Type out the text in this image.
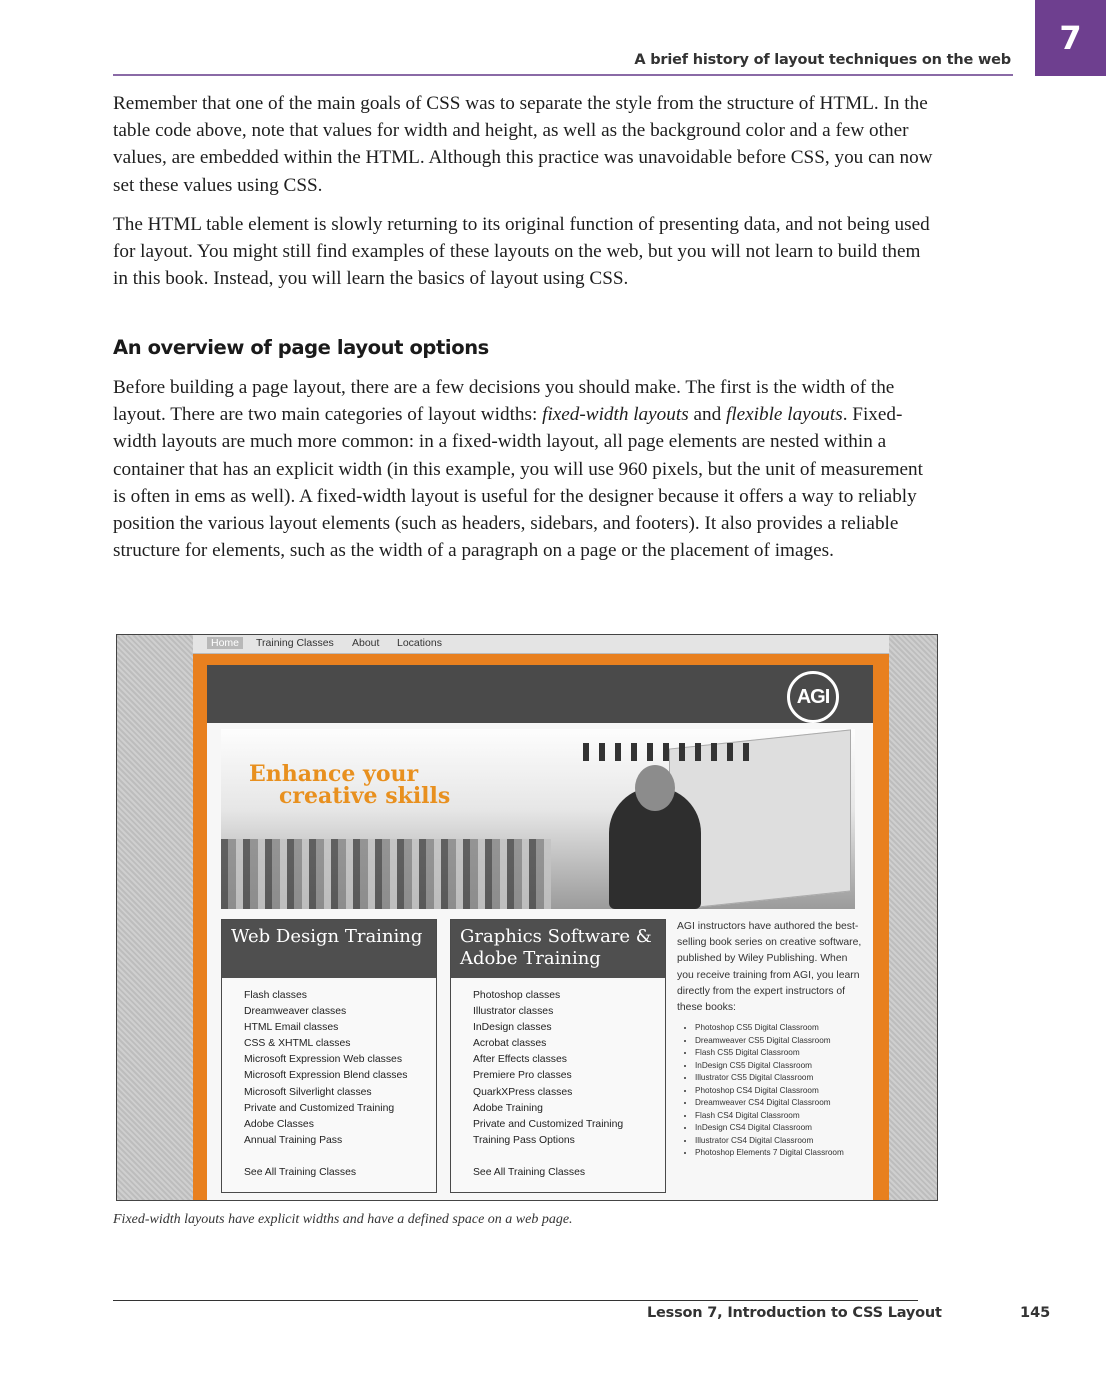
A brief history of layout techniques on the web
7

Remember that one of the main goals of CSS was to separate the style from the structure of HTML. In the table code above, note that values for width and height, as well as the background color and a few other values, are embedded within the HTML. Although this practice was unavoidable before CSS, you can now set these values using CSS.

The HTML table element is slowly returning to its original function of presenting data, and not being used for layout. You might still find examples of these layouts on the web, but you will not learn to build them in this book. Instead, you will learn the basics of layout using CSS.

An overview of page layout options

Before building a page layout, there are a few decisions you should make. The first is the width of the layout. There are two main categories of layout widths: fixed-width layouts and flexible layouts. Fixed-width layouts are much more common: in a fixed-width layout, all page elements are nested within a container that has an explicit width (in this example, you will use 960 pixels, but the unit of measurement is often in ems as well). A fixed-width layout is useful for the designer because it offers a way to reliably position the various layout elements (such as headers, sidebars, and footers). It also provides a reliable structure for elements, such as the width of a paragraph on a page or the placement of images.

Home	Training Classes About Locations
AGI

Enhance your
creative skills

Web Design Training
Flash classes
Dreamweaver classes
HTML Email classes
CSS & XHTML classes
Microsoft Expression Web classes
Microsoft Expression Blend classes
Microsoft Silverlight classes
Private and Customized Training
Adobe Classes
Annual Training Pass
See All Training Classes
Graphics Software & Adobe Training
Photoshop classes
Illustrator classes
InDesign classes
Acrobat classes
After Effects classes
Premiere Pro classes
QuarkXPress classes
Adobe Training
Private and Customized Training
Training Pass Options
See All Training Classes

AGI instructors have authored the best-selling book series on creative software, published by Wiley Publishing. When you receive training from AGI, you learn directly from the expert instructors of these books:

• Photoshop CS5 Digital Classroom
• Dreamweaver CS5 Digital Classroom
• Flash CS5 Digital Classroom
• InDesign CS5 Digital Classroom
• Illustrator CS5 Digital Classroom
• Photoshop CS4 Digital Classroom
• Dreamweaver CS4 Digital Classroom
• Flash CS4 Digital Classroom
• InDesign CS4 Digital Classroom
• Illustrator CS4 Digital Classroom
• Photoshop Elements 7 Digital Classroom

Fixed-width layouts have explicit widths and have a defined space on a web page.

Lesson 7, Introduction to CSS Layout	145
